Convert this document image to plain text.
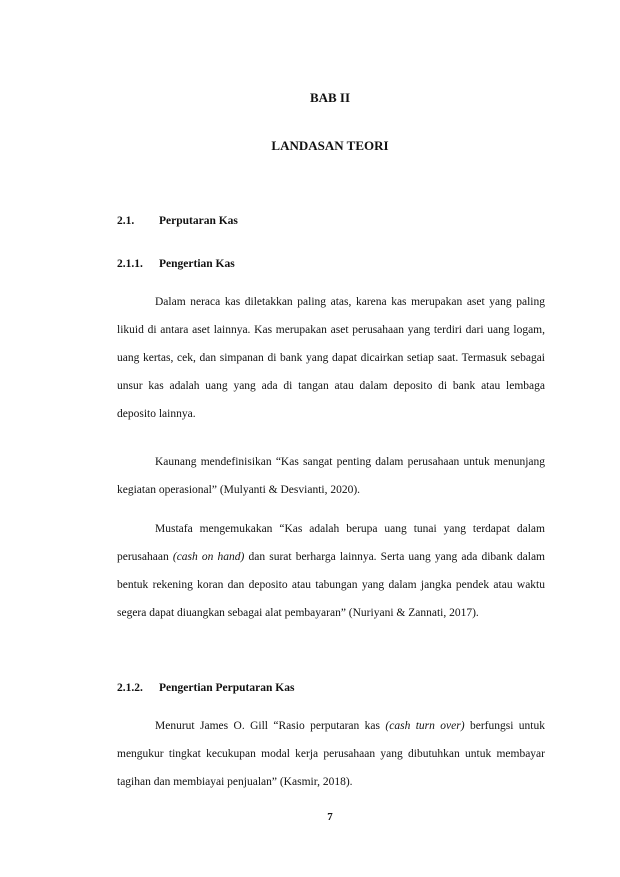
BAB II
LANDASAN TEORI
2.1. Perputaran Kas
2.1.1. Pengertian Kas

Dalam neraca kas diletakkan paling atas, karena kas merupakan aset yang paling likuid di antara aset lainnya. Kas merupakan aset perusahaan yang terdiri dari uang logam, uang kertas, cek, dan simpanan di bank yang dapat dicairkan setiap saat. Termasuk sebagai unsur kas adalah uang yang ada di tangan atau dalam deposito di bank atau lembaga deposito lainnya.

Kaunang mendefinisikan “Kas sangat penting dalam perusahaan untuk menunjang kegiatan operasional” (Mulyanti & Desvianti, 2020).

Mustafa mengemukakan “Kas adalah berupa uang tunai yang terdapat dalam perusahaan (cash on hand) dan surat berharga lainnya. Serta uang yang ada dibank dalam bentuk rekening koran dan deposito atau tabungan yang dalam jangka pendek atau waktu segera dapat diuangkan sebagai alat pembayaran” (Nuriyani & Zannati, 2017).

2.1.2. Pengertian Perputaran Kas

Menurut James O. Gill “Rasio perputaran kas (cash turn over) berfungsi untuk mengukur tingkat kecukupan modal kerja perusahaan yang dibutuhkan untuk membayar tagihan dan membiayai penjualan” (Kasmir, 2018).

7
